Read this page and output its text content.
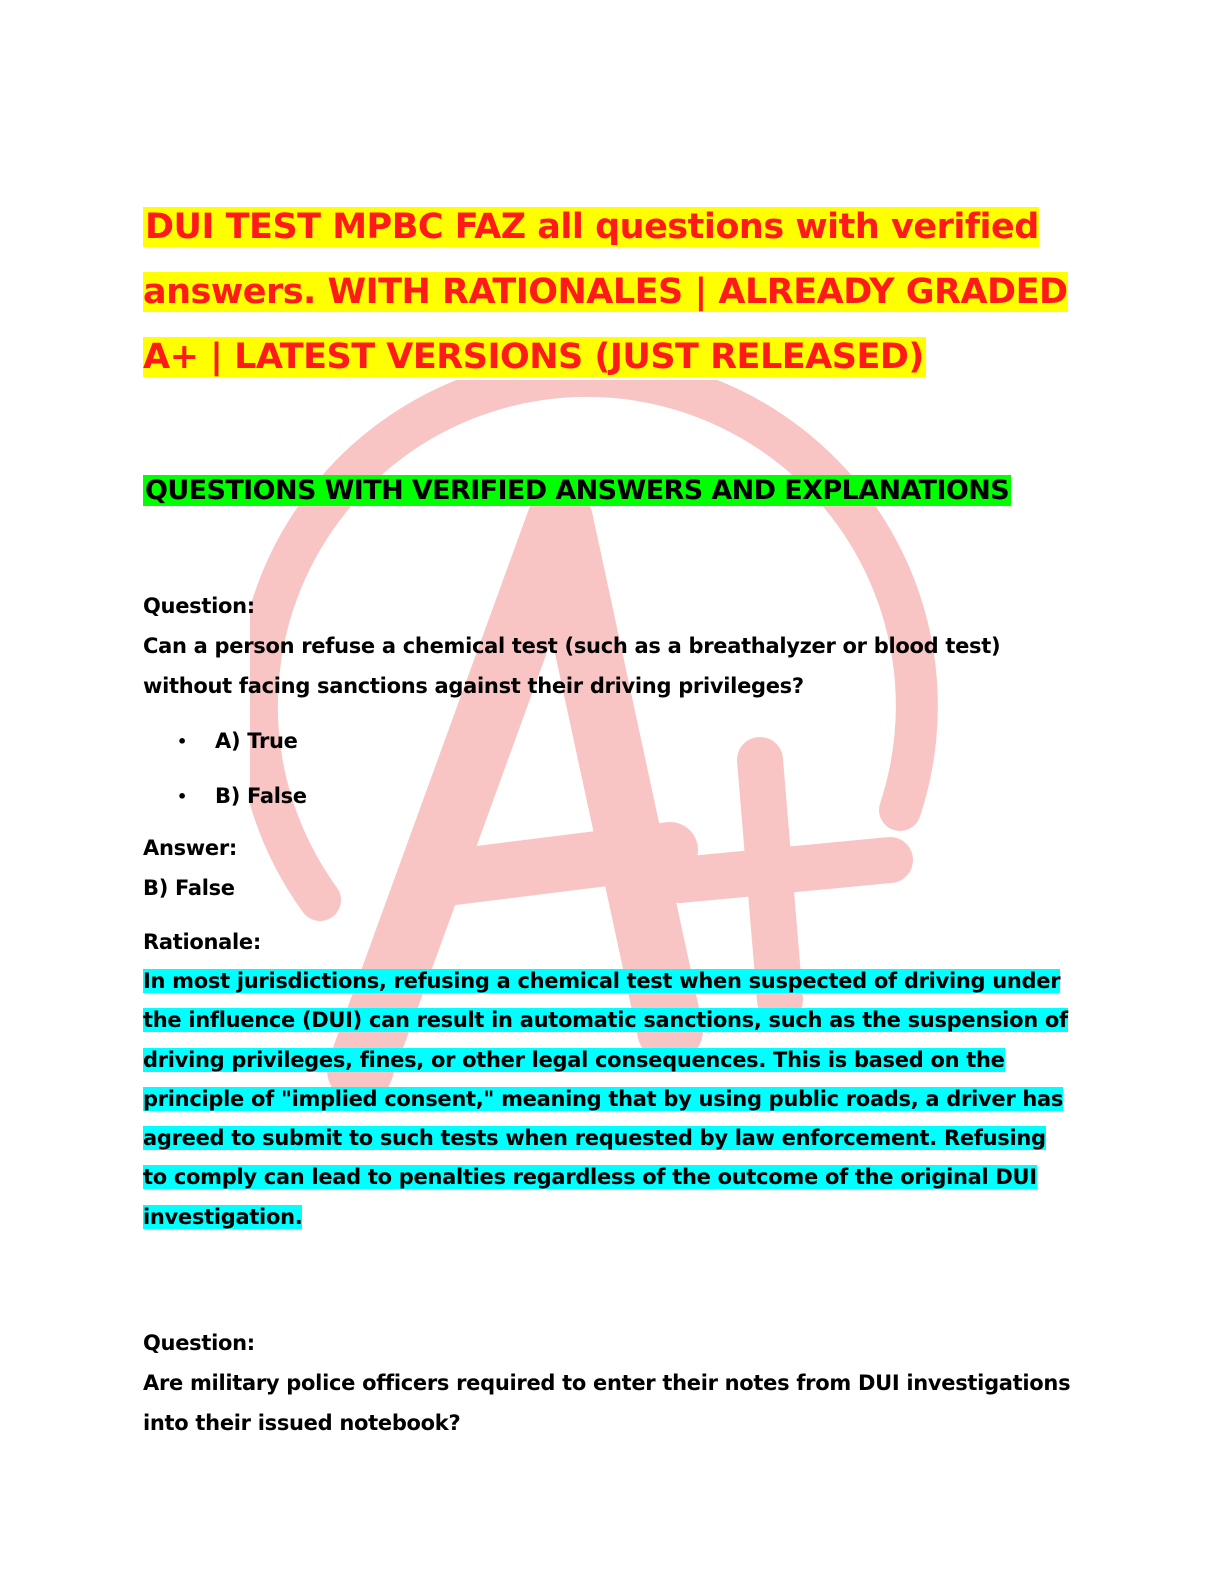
DUI TEST MPBC FAZ all questions with verified answers. WITH RATIONALES | ALREADY GRADED A+ | LATEST VERSIONS (JUST RELEASED)
QUESTIONS WITH VERIFIED ANSWERS AND EXPLANATIONS
Question:
Can a person refuse a chemical test (such as a breathalyzer or blood test) without facing sanctions against their driving privileges?
• A) True
• B) False
Answer:
B) False
Rationale:
In most jurisdictions, refusing a chemical test when suspected of driving under the influence (DUI) can result in automatic sanctions, such as the suspension of driving privileges, fines, or other legal consequences. This is based on the principle of "implied consent," meaning that by using public roads, a driver has agreed to submit to such tests when requested by law enforcement. Refusing to comply can lead to penalties regardless of the outcome of the original DUI investigation.
Question:
Are military police officers required to enter their notes from DUI investigations into their issued notebook?
